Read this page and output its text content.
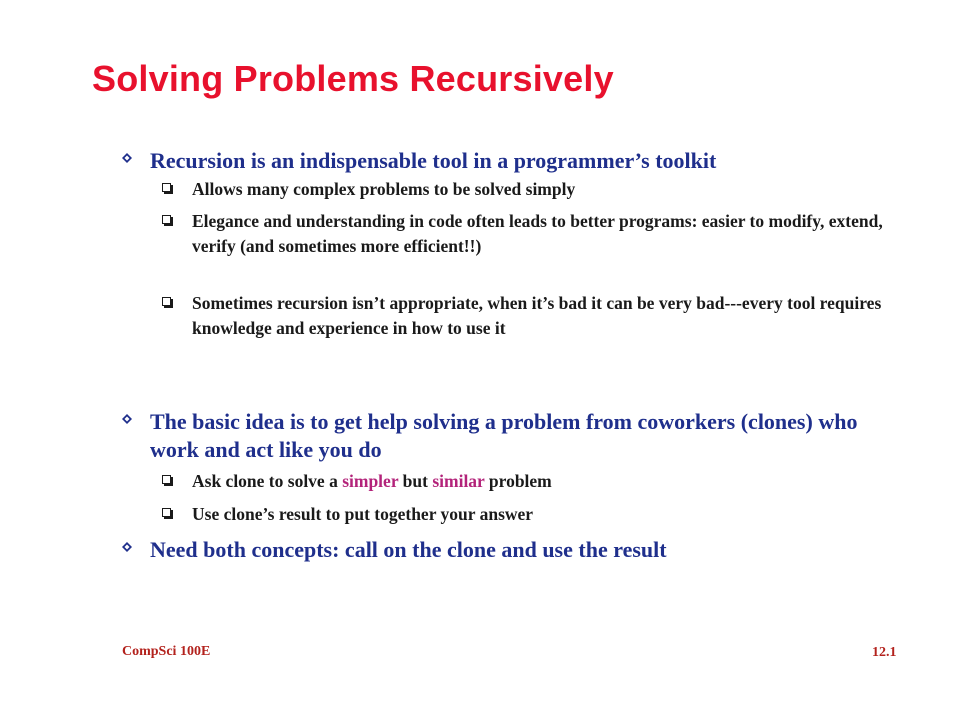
Solving Problems Recursively
Recursion is an indispensable tool in a programmer’s toolkit
Allows many complex problems to be solved simply
Elegance and understanding in code often leads to better programs: easier to modify, extend, verify (and sometimes more efficient!!)
Sometimes recursion isn’t appropriate, when it’s bad it can be very bad---every tool requires knowledge and experience in how to use it
The basic idea is to get help solving a problem from coworkers (clones) who work and act like you do
Ask clone to solve a simpler but similar problem
Use clone’s result to put together your answer
Need both concepts: call on the clone and use the result
CompSci 100E	12.1
